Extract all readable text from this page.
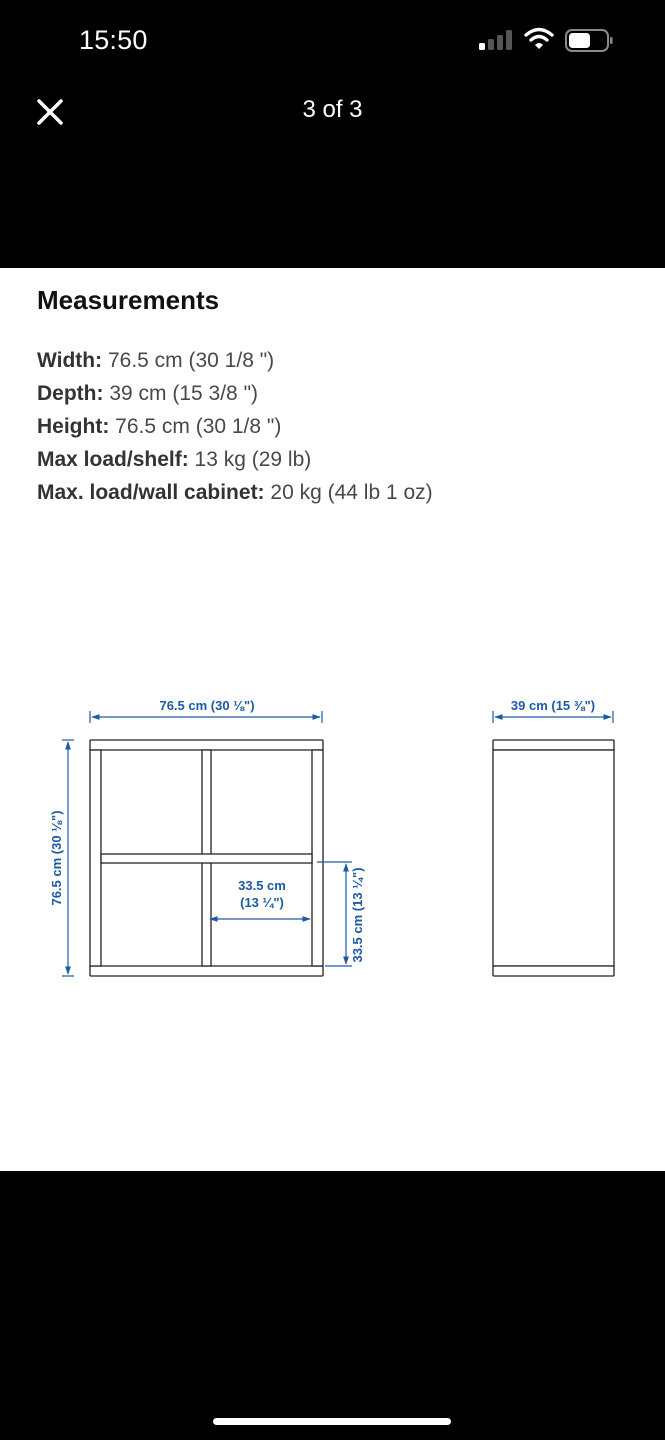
15:50
3 of 3
Measurements
Width: 76.5 cm (30 1/8 ")
Depth: 39 cm (15 3/8 ")
Height: 76.5 cm (30 1/8 ")
Max load/shelf: 13 kg (29 lb)
Max. load/wall cabinet: 20 kg (44 lb 1 oz)
76.5 cm (30 ⅛")
76.5 cm (30 ⅛")	33.5 cm
(13 ¼")	33.5 cm (13 ¼")
39 cm (15 ⅜")
